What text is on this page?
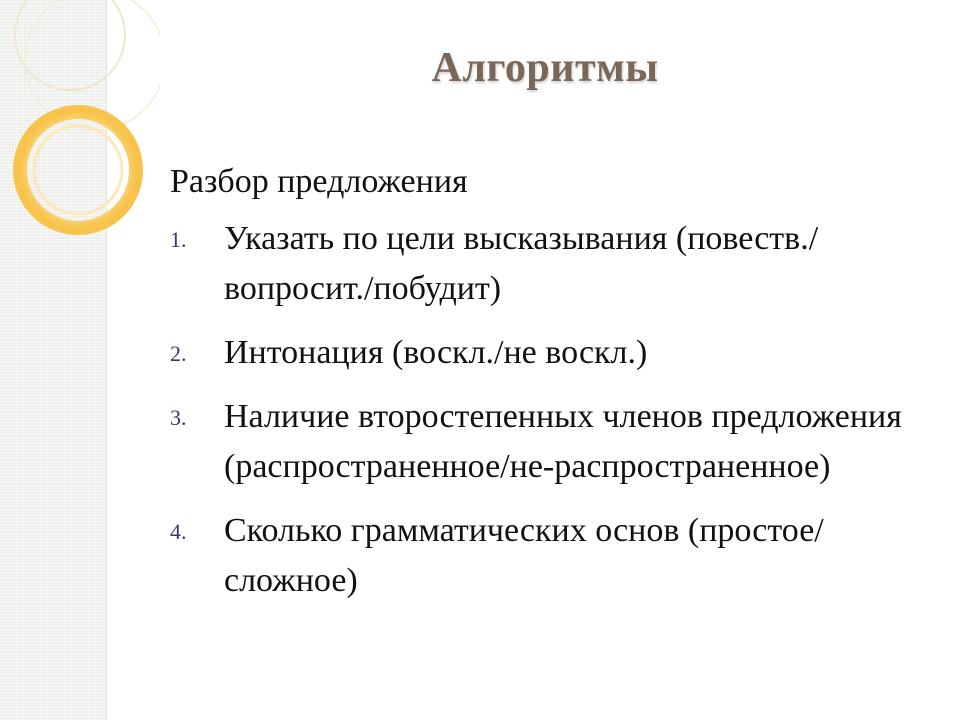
Алгоритмы
Разбор предложения
1.	Указать по цели высказывания (повеств./вопросит./побудит)
2.	Интонация (воскл./не воскл.)
3.	Наличие второстепенных членов предложения (распространенное/не-распространенное)
4.	Сколько грамматических основ (простое/сложное)
